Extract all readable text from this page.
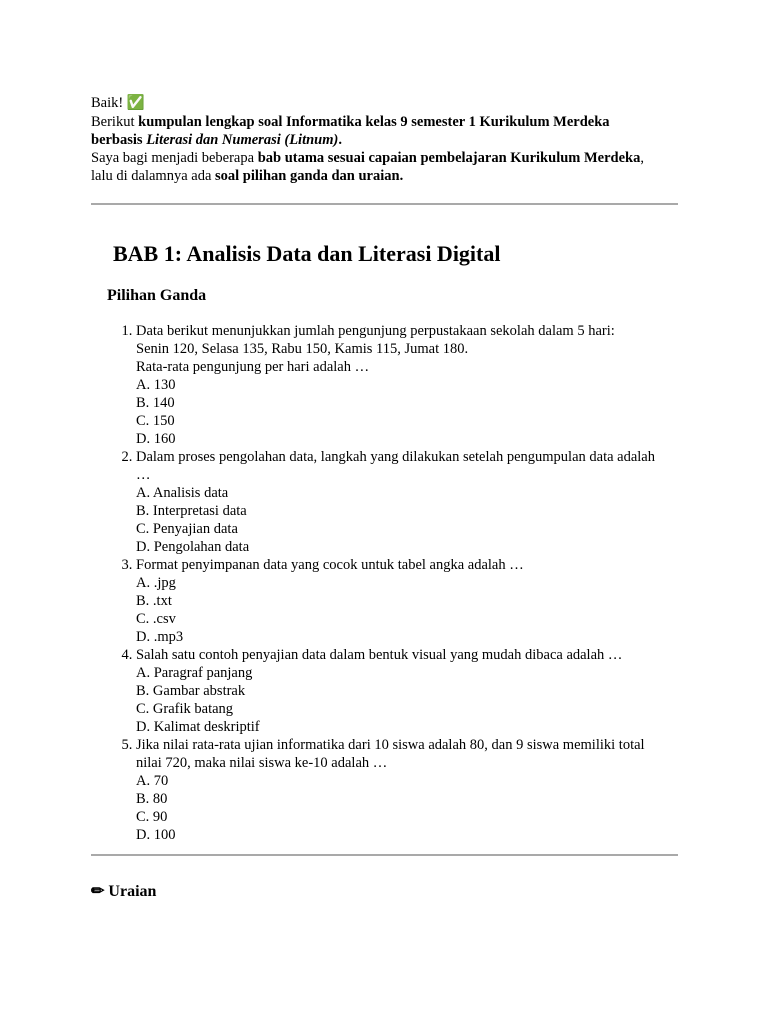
Baik! ✅

Berikut kumpulan lengkap soal Informatika kelas 9 semester 1 Kurikulum Merdeka

berbasis Literasi dan Numerasi (Litnum).

Saya bagi menjadi beberapa bab utama sesuai capaian pembelajaran Kurikulum Merdeka,

lalu di dalamnya ada soal pilihan ganda dan uraian.

BAB 1: Analisis Data dan Literasi Digital
Pilihan Ganda
1. Data berikut menunjukkan jumlah pengunjung perpustakaan sekolah dalam 5 hari:
Senin 120, Selasa 135, Rabu 150, Kamis 115, Jumat 180.
Rata-rata pengunjung per hari adalah …
A. 130
B. 140
C. 150
D. 160
2. Dalam proses pengolahan data, langkah yang dilakukan setelah pengumpulan data adalah
…
A. Analisis data
B. Interpretasi data
C. Penyajian data
D. Pengolahan data
3. Format penyimpanan data yang cocok untuk tabel angka adalah …
A. .jpg
B. .txt
C. .csv
D. .mp3
4. Salah satu contoh penyajian data dalam bentuk visual yang mudah dibaca adalah …
A. Paragraf panjang
B. Gambar abstrak
C. Grafik batang
D. Kalimat deskriptif
5. Jika nilai rata-rata ujian informatika dari 10 siswa adalah 80, dan 9 siswa memiliki total
nilai 720, maka nilai siswa ke-10 adalah …
A. 70
B. 80
C. 90
D. 100
✏ Uraian
